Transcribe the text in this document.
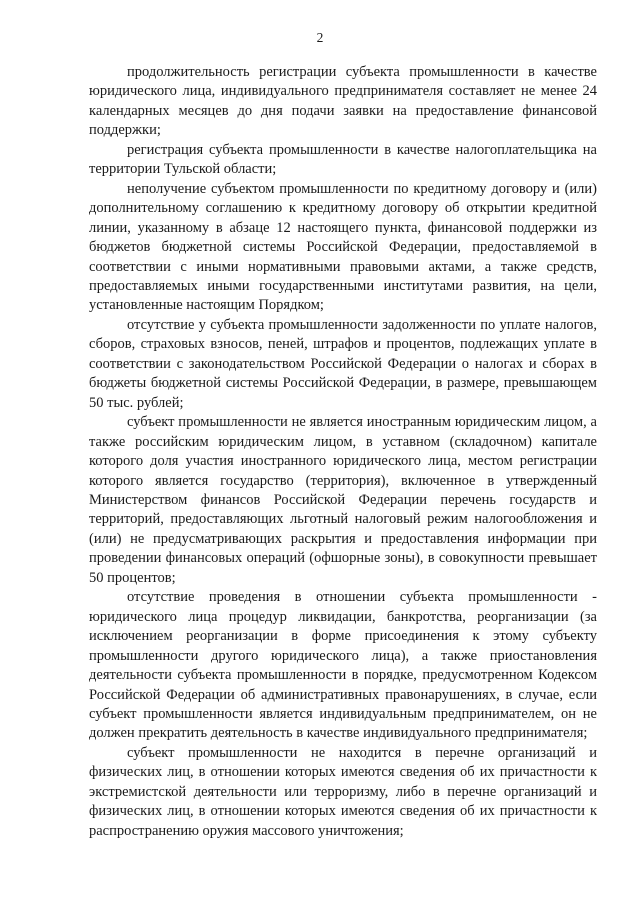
2

продолжительность регистрации субъекта промышленности в качестве юридического лица, индивидуального предпринимателя составляет не менее 24 календарных месяцев до дня подачи заявки на предоставление финансовой поддержки;

регистрация субъекта промышленности в качестве налогоплательщика на территории Тульской области;

неполучение субъектом промышленности по кредитному договору и (или) дополнительному соглашению к кредитному договору об открытии кредитной линии, указанному в абзаце 12 настоящего пункта, финансовой поддержки из бюджетов бюджетной системы Российской Федерации, предоставляемой в соответствии с иными нормативными правовыми актами, а также средств, предоставляемых иными государственными институтами развития, на цели, установленные настоящим Порядком;

отсутствие у субъекта промышленности задолженности по уплате налогов, сборов, страховых взносов, пеней, штрафов и процентов, подлежащих уплате в соответствии с законодательством Российской Федерации о налогах и сборах в бюджеты бюджетной системы Российской Федерации, в размере, превышающем 50 тыс. рублей;

субъект промышленности не является иностранным юридическим лицом, а также российским юридическим лицом, в уставном (складочном) капитале которого доля участия иностранного юридического лица, местом регистрации которого является государство (территория), включенное в утвержденный Министерством финансов Российской Федерации перечень государств и территорий, предоставляющих льготный налоговый режим налогообложения и (или) не предусматривающих раскрытия и предоставления информации при проведении финансовых операций (офшорные зоны), в совокупности превышает 50 процентов;

отсутствие проведения в отношении субъекта промышленности - юридического лица процедур ликвидации, банкротства, реорганизации (за исключением реорганизации в форме присоединения к этому субъекту промышленности другого юридического лица), а также приостановления деятельности субъекта промышленности в порядке, предусмотренном Кодексом Российской Федерации об административных правонарушениях, в случае, если субъект промышленности является индивидуальным предпринимателем, он не должен прекратить деятельность в качестве индивидуального предпринимателя;

субъект промышленности не находится в перечне организаций и физических лиц, в отношении которых имеются сведения об их причастности к экстремистской деятельности или терроризму, либо в перечне организаций и физических лиц, в отношении которых имеются сведения об их причастности к распространению оружия массового уничтожения;
